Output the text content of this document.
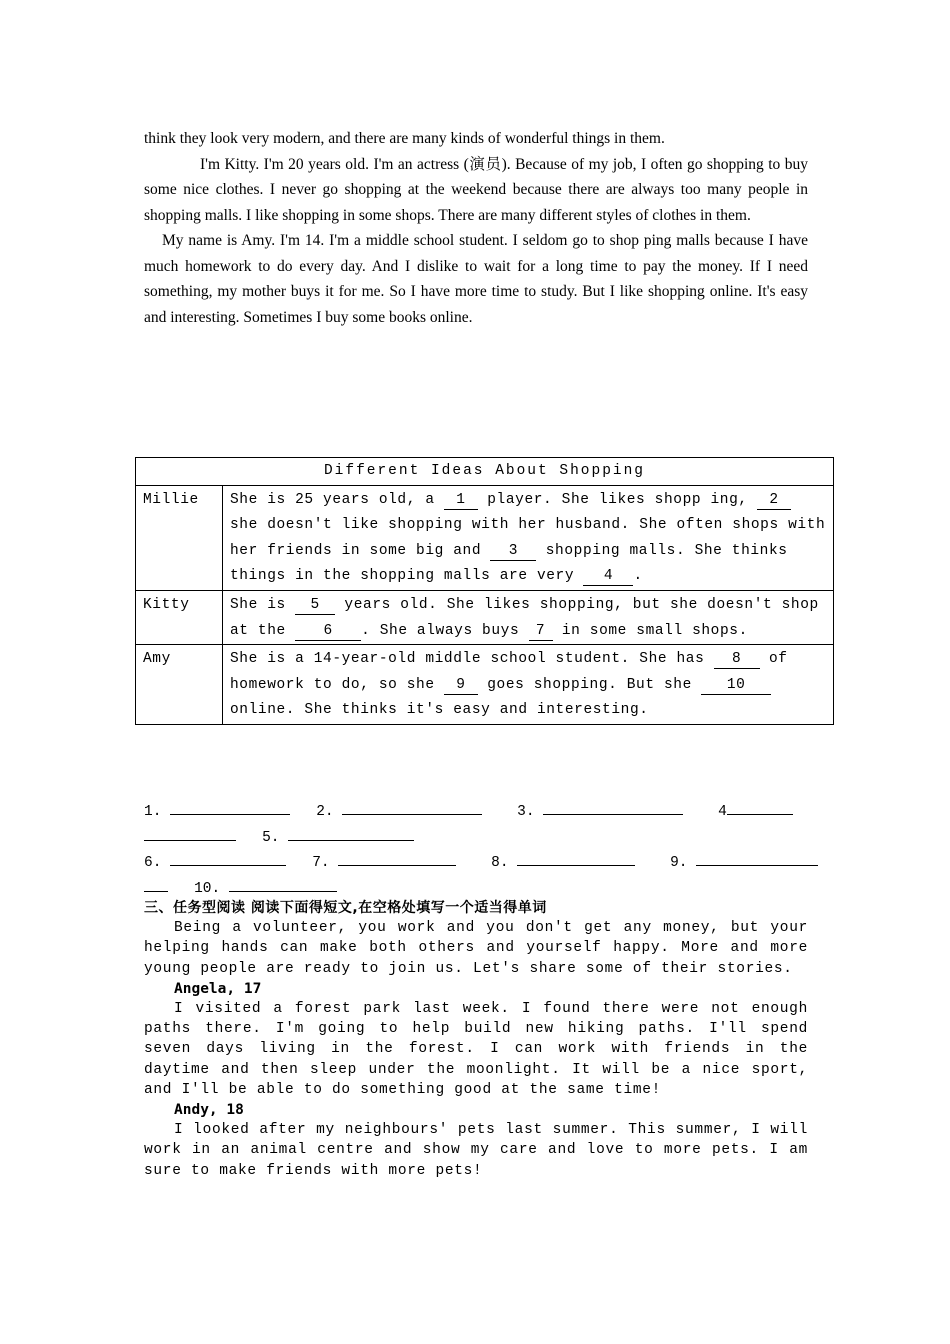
think they look very modern, and there are many kinds of wonderful things in them.

I'm Kitty. I'm 20 years old. I'm an actress (演员). Because of my job, I often go shopping to buy some nice clothes. I never go shopping at the weekend because there are always too many people in shopping malls. I like shopping in some shops. There are many different styles of clothes in them.

My name is Amy. I'm 14. I'm a middle school student. I seldom go to shop ping malls because I have much homework to do every day. And I dislike to wait for a long time to pay the money. If I need something, my mother buys it for me. So I have more time to study. But I like shopping online. It's easy and interesting. Sometimes I buy some books online.

Different Ideas About Shopping	
Millie	She is 25 years old, a 1 player. She likes shopp ing, 2 she doesn't like shopping with her husband. She often shops with her friends in some big and 3 shopping malls. She thinks things in the shopping malls are very 4 .
Kitty	She is 5 years old. She likes shopping, but she doesn't shop at the 6 . She always buys 7 in some small shops.
Amy	She is a 14-year-old middle school student. She has 8 of homework to do, so she 9 goes shopping. But she 10 online. She thinks it's easy and interesting.
1.	2.	3.	4
5.
6.	7.	8.	9.
10.

三、任务型阅读 阅读下面得短文,在空格处填写一个适当得单词

Being a volunteer, you work and you don't get any money, but your helping hands can make both others and yourself happy. More and more young people are ready to join us. Let's share some of their stories.

Angela, 17

I visited a forest park last week. I found there were not enough paths there. I'm going to help build new hiking paths. I'll spend seven days living in the forest. I can work with friends in the daytime and then sleep under the moonlight. It will be a nice sport, and I'll be able to do something good at the same time!

Andy, 18

I looked after my neighbours' pets last summer. This summer, I will work in an animal centre and show my care and love to more pets. I am sure to make friends with more pets!
